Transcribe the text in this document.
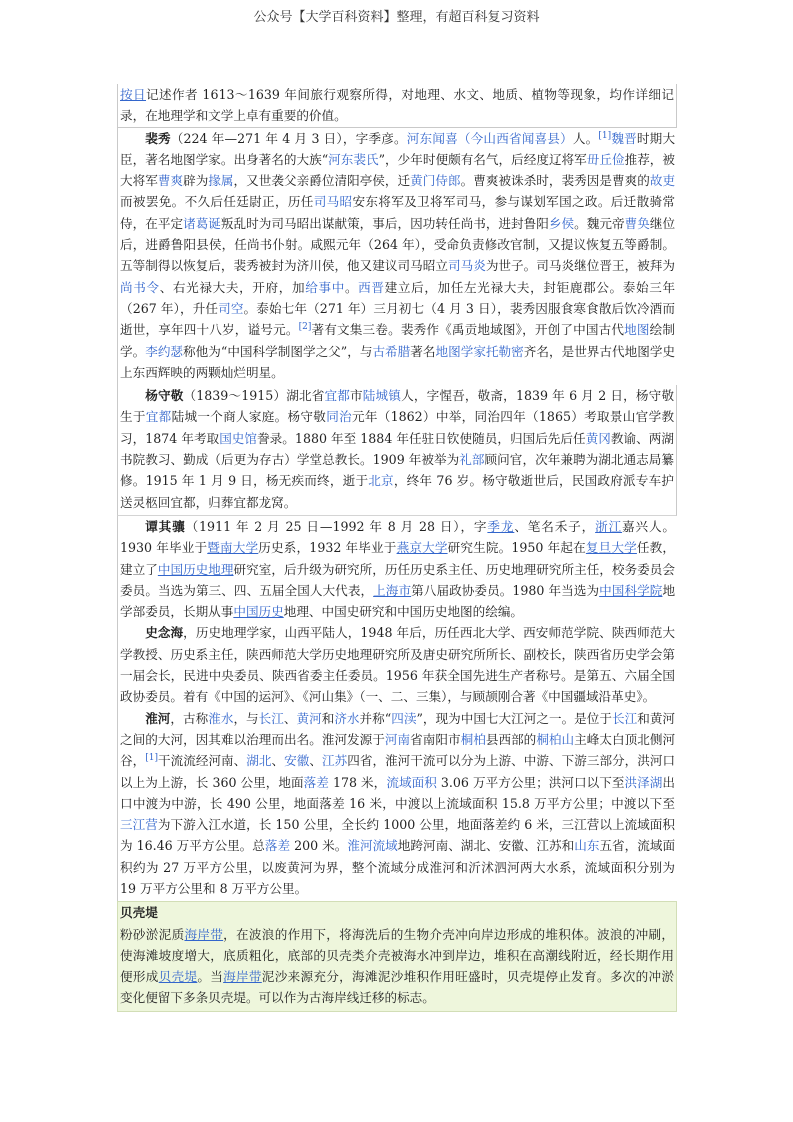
公众号【大学百科资料】整理，有超百科复习资料

按日记述作者 1613～1639 年间旅行观察所得，对地理、水文、地质、植物等现象，均作详细记录，在地理学和文学上卓有重要的价值。

裴秀（224 年—271 年 4 月 3 日），字季彦。河东闻喜（今山西省闻喜县）人。[1]魏晋时期大臣，著名地图学家。出身著名的大族“河东裴氏”，少年时便颇有名气，后经度辽将军毌丘俭推荐，被大将军曹爽辟为掾属，又世袭父亲爵位清阳亭侯，迁黄门侍郎。曹爽被诛杀时，裴秀因是曹爽的故吏而被罢免。不久后任廷尉正，历任司马昭安东将军及卫将军司马，参与谋划军国之政。后迁散骑常侍，在平定诸葛诞叛乱时为司马昭出谋献策，事后，因功转任尚书，进封鲁阳乡侯。魏元帝曹奂继位后，进爵鲁阳县侯，任尚书仆射。咸熙元年（264 年），受命负责修改官制，又提议恢复五等爵制。五等制得以恢复后，裴秀被封为济川侯，他又建议司马昭立司马炎为世子。司马炎继位晋王，被拜为尚书令、右光禄大夫，开府，加给事中。西晋建立后，加任左光禄大夫，封钜鹿郡公。泰始三年（267 年），升任司空。泰始七年（271 年）三月初七（4 月 3 日），裴秀因服食寒食散后饮冷酒而逝世，享年四十八岁，谥号元。[2]著有文集三卷。裴秀作《禹贡地域图》，开创了中国古代地图绘制学。李约瑟称他为“中国科学制图学之父”，与古希腊著名地图学家托勒密齐名，是世界古代地图学史上东西辉映的两颗灿烂明星。

杨守敬（1839～1915）湖北省宜都市陆城镇人，字惺吾，敬斋，1839 年 6 月 2 日，杨守敬生于宜都陆城一个商人家庭。杨守敬同治元年（1862）中举，同治四年（1865）考取景山官学教习，1874 年考取国史馆誊录。1880 年至 1884 年任驻日钦使随员，归国后先后任黄冈教谕、两湖书院教习、勤成（后更为存古）学堂总教长。1909 年被举为礼部顾问官，次年兼聘为湖北通志局纂修。1915 年 1 月 9 日，杨无疾而终，逝于北京，终年 76 岁。杨守敬逝世后，民国政府派专车护送灵柩回宜都，归葬宜都龙窝。

谭其骧（1911 年 2 月 25 日—1992 年 8 月 28 日），字季龙、笔名禾子，浙江嘉兴人。1930 年毕业于暨南大学历史系，1932 年毕业于燕京大学研究生院。1950 年起在复旦大学任教，建立了中国历史地理研究室，后升级为研究所，历任历史系主任、历史地理研究所主任，校务委员会委员。当选为第三、四、五届全国人大代表，上海市第八届政协委员。1980 年当选为中国科学院地学部委员，长期从事中国历史地理、中国史研究和中国历史地图的绘编。

史念海，历史地理学家，山西平陆人，1948 年后，历任西北大学、西安师范学院、陕西师范大学教授、历史系主任，陕西师范大学历史地理研究所及唐史研究所所长、副校长，陕西省历史学会第一届会长，民进中央委员、陕西省委主任委员。1956 年获全国先进生产者称号。是第五、六届全国政协委员。着有《中国的运河》、《河山集》（一、二、三集），与顾颉刚合著《中国疆域沿革史》。

淮河，古称淮水，与长江、黄河和济水并称“四渎”，现为中国七大江河之一。是位于长江和黄河之间的大河，因其难以治理而出名。淮河发源于河南省南阳市桐柏县西部的桐柏山主峰太白顶北侧河谷，[1]干流流经河南、湖北、安徽、江苏四省，淮河干流可以分为上游、中游、下游三部分，洪河口以上为上游，长 360 公里，地面落差 178 米，流域面积 3.06 万平方公里；洪河口以下至洪泽湖出口中渡为中游，长 490 公里，地面落差 16 米，中渡以上流域面积 15.8 万平方公里；中渡以下至三江营为下游入江水道，长 150 公里，全长约 1000 公里，地面落差约 6 米，三江营以上流域面积为 16.46 万平方公里。总落差 200 米。淮河流域地跨河南、湖北、安徽、江苏和山东五省，流域面积约为 27 万平方公里，以废黄河为界，整个流域分成淮河和沂沭泗河两大水系，流域面积分别为 19 万平方公里和 8 万平方公里。

贝壳堤

粉砂淤泥质海岸带，在波浪的作用下，将海洗后的生物介壳冲向岸边形成的堆积体。波浪的冲刷，使海滩坡度增大，底质粗化，底部的贝壳类介壳被海水冲到岸边，堆积在高潮线附近，经长期作用便形成贝壳堤。当海岸带泥沙来源充分，海滩泥沙堆积作用旺盛时，贝壳堤停止发育。多次的冲淤变化便留下多条贝壳堤。可以作为古海岸线迁移的标志。
